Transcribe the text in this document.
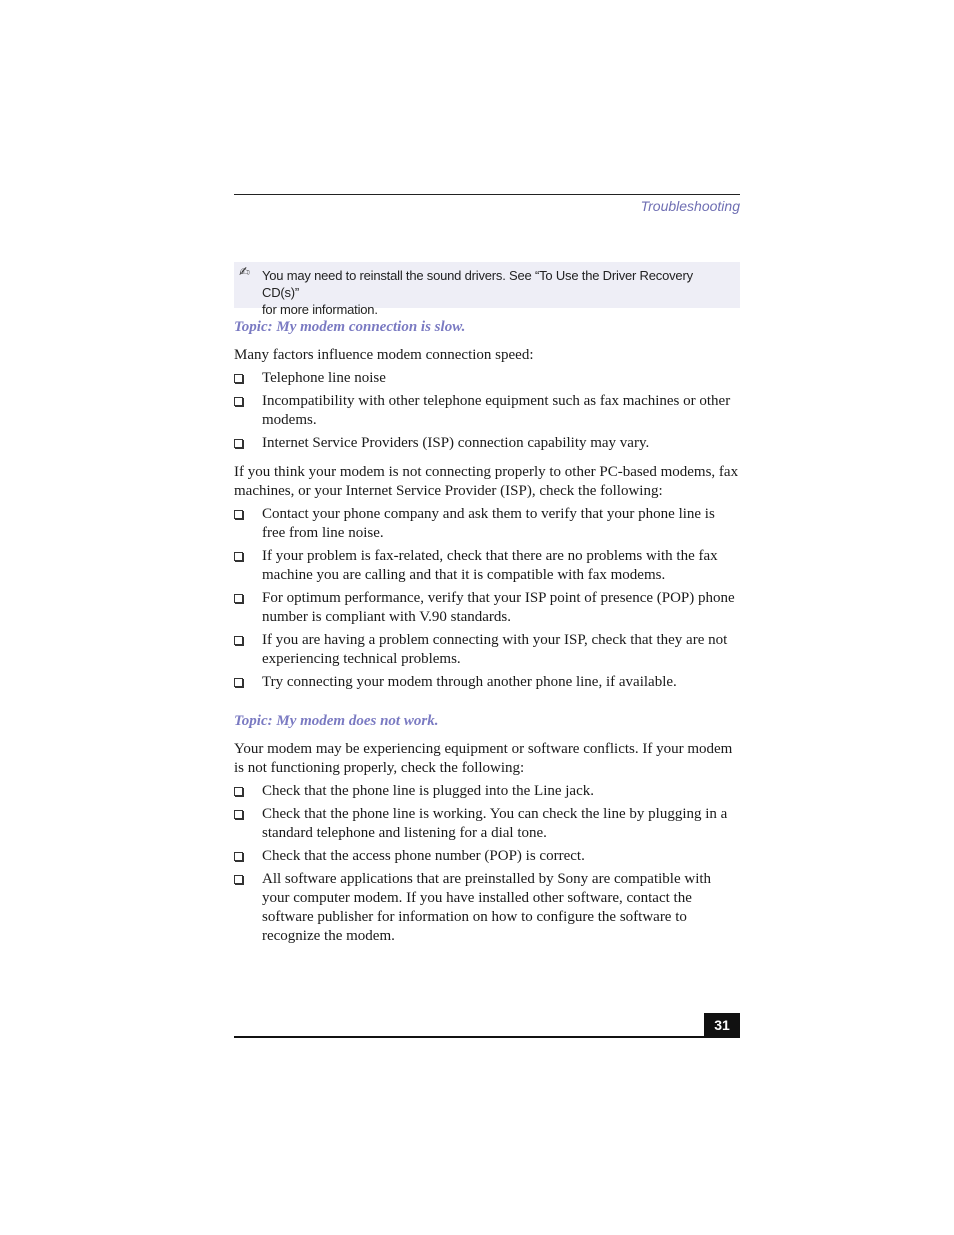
Troubleshooting
✍ You may need to reinstall the sound drivers. See “To Use the Driver Recovery CD(s)”
for more information.

Topic: My modem connection is slow.

Many factors influence modem connection speed:

Telephone line noise
Incompatibility with other telephone equipment such as fax machines or other modems.
Internet Service Providers (ISP) connection capability may vary.

If you think your modem is not connecting properly to other PC-based modems, fax machines, or your Internet Service Provider (ISP), check the following:

Contact your phone company and ask them to verify that your phone line is free from line noise.
If your problem is fax-related, check that there are no problems with the fax machine you are calling and that it is compatible with fax modems.
For optimum performance, verify that your ISP point of presence (POP) phone number is compliant with V.90 standards.
If you are having a problem connecting with your ISP, check that they are not experiencing technical problems.
Try connecting your modem through another phone line, if available.

Topic: My modem does not work.

Your modem may be experiencing equipment or software conflicts. If your modem is not functioning properly, check the following:

Check that the phone line is plugged into the Line jack.
Check that the phone line is working. You can check the line by plugging in a standard telephone and listening for a dial tone.
Check that the access phone number (POP) is correct.
All software applications that are preinstalled by Sony are compatible with your computer modem. If you have installed other software, contact the software publisher for information on how to configure the software to recognize the modem.
31
